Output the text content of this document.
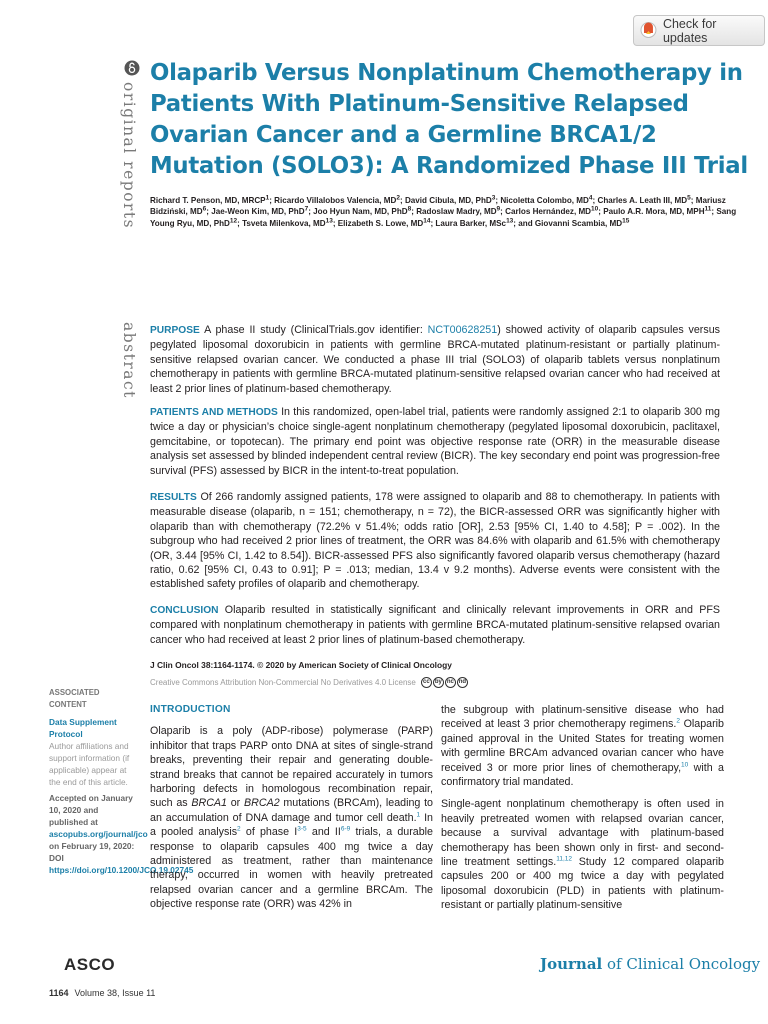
Check for updates
original reports
abstract
Olaparib Versus Nonplatinum Chemotherapy in Patients With Platinum-Sensitive Relapsed Ovarian Cancer and a Germline BRCA1/2 Mutation (SOLO3): A Randomized Phase III Trial

Richard T. Penson, MD, MRCP$^1$; Ricardo Villalobos Valencia, $MD^2$; David Cibula, MD, PhD$^3$; Nicoletta Colombo, $MD^4$; Charles A. Leath III, $MD^5$; Mariusz Bidziński, $MD^6$; Jae-Weon Kim, MD, PhD$^7$; Joo Hyun Nam, MD, PhD$^8$; Radoslaw Madry, $MD^9$; Carlos Hernández, MD$^{10}$; Paulo A.R. Mora, MD, MPH$^{11}$; Sang Young Ryu, MD, PhD$^{12}$; Tsveta Milenkova, MD$^{13}$; Elizabeth S. Lowe, MD$^{14}$; Laura Barker, MSc$^{13}$; and Giovanni Scambia, MD$^{15}$

PURPOSE A phase II study (ClinicalTrials.gov identifier: NCT00628251) showed activity of olaparib capsules versus pegylated liposomal doxorubicin in patients with germline BRCA-mutated platinum-resistant or partially platinum-sensitive relapsed ovarian cancer. We conducted a phase III trial (SOLO3) of olaparib tablets versus nonplatinum chemotherapy in patients with germline BRCA-mutated platinum-sensitive relapsed ovarian cancer who had received at least 2 prior lines of platinum-based chemotherapy.

PATIENTS AND METHODS In this randomized, open-label trial, patients were randomly assigned 2:1 to olaparib 300 mg twice a day or physician’s choice single-agent nonplatinum chemotherapy (pegylated liposomal doxorubicin, paclitaxel, gemcitabine, or topotecan). The primary end point was objective response rate (ORR) in the measurable disease analysis set assessed by blinded independent central review (BICR). The key secondary end point was progression-free survival (PFS) assessed by BICR in the intent-to-treat population.

RESULTS Of 266 randomly assigned patients, 178 were assigned to olaparib and 88 to chemotherapy. In patients with measurable disease (olaparib, n = 151; chemotherapy, n = 72), the BICR-assessed ORR was significantly higher with olaparib than with chemotherapy (72.2% v 51.4%; odds ratio [OR], 2.53 [95% CI, 1.40 to 4.58]; P = .002). In the subgroup who had received 2 prior lines of treatment, the ORR was 84.6% with olaparib and 61.5% with chemotherapy (OR, 3.44 [95% CI, 1.42 to 8.54]). BICR-assessed PFS also significantly favored olaparib versus chemotherapy (hazard ratio, 0.62 [95% CI, 0.43 to 0.91]; P = .013; median, 13.4 v 9.2 months). Adverse events were consistent with the established safety profiles of olaparib and chemotherapy.

CONCLUSION Olaparib resulted in statistically significant and clinically relevant improvements in ORR and PFS compared with nonplatinum chemotherapy in patients with germline BRCA-mutated platinum-sensitive relapsed ovarian cancer who had received at least 2 prior lines of platinum-based chemotherapy.

J Clin Oncol 38:1164-1174. © 2020 by American Society of Clinical Oncology
Creative Commons Attribution Non-Commercial No Derivatives 4.0 License	cc by nc nd
ASSOCIATED
CONTENT
Data Supplement
Protocol
Author affiliations and support information (if applicable) appear at the end of this article.
Accepted on January 10, 2020 and published at ascopubs.org/journal/jco on February 19, 2020: DOI https://doi.org/10.1200/JCO.19.02745
INTRODUCTION

Olaparib is a poly (ADP-ribose) polymerase (PARP) inhibitor that traps PARP onto DNA at sites of single-strand breaks, preventing their repair and generating double-strand breaks that cannot be repaired accurately in tumors harboring defects in homologous recombination repair, such as BRCA1 or BRCA2 mutations (BRCAm), leading to an accumulation of DNA damage and tumor cell death.$^1$ In a pooled analysis$^2$ of phase $I^{3-5}$ and II$^{6-9}$ trials, a durable response to olaparib capsules 400 mg twice a day administered as treatment, rather than maintenance therapy, occurred in women with heavily pretreated relapsed ovarian cancer and a germline BRCAm. The objective response rate (ORR) was 42% in

the subgroup with platinum-sensitive disease who had received at least 3 prior chemotherapy regimens.$^2$ Olaparib gained approval in the United States for treating women with germline BRCAm advanced ovarian cancer who have received 3 or more prior lines of chemotherapy,$^{10}$ with a confirmatory trial mandated.

Single-agent nonplatinum chemotherapy is often used in heavily pretreated women with relapsed ovarian cancer, because a survival advantage with platinum-based chemotherapy has been shown only in first- and second-line treatment settings.$^{11,12}$ Study 12 compared olaparib capsules 200 or 400 mg twice a day with pegylated liposomal doxorubicin (PLD) in patients with platinum-resistant or partially platinum-sensitive

ASCO	Journal of Clinical Oncology
1164 Volume 38, Issue 11
